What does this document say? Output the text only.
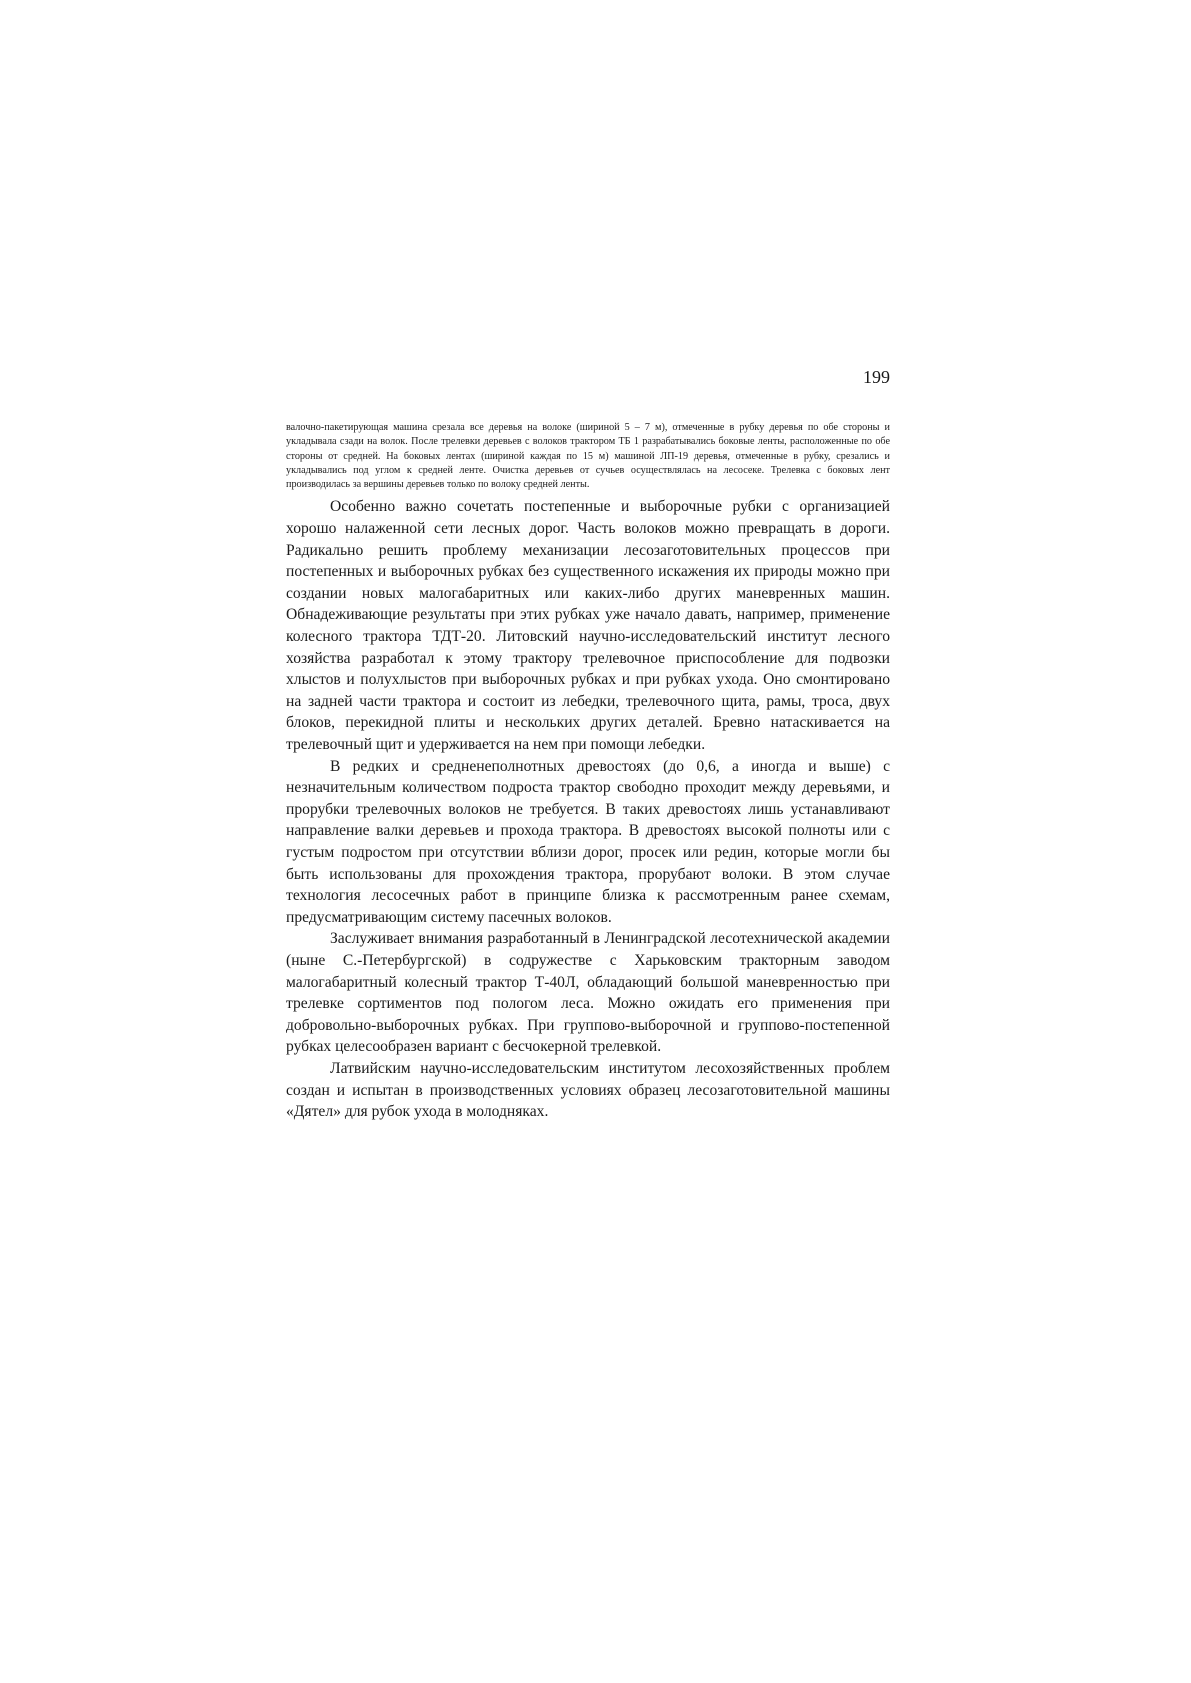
199

валочно-пакетирующая машина срезала все деревья на волоке (шириной 5 – 7 м), отмеченные в рубку деревья по обе стороны и укладывала сзади на волок. После трелевки деревьев с волоков трактором ТБ 1 разрабатывались боковые ленты, расположенные по обе стороны от средней. На боковых лентах (шириной каждая по 15 м) машиной ЛП-19 деревья, отмеченные в рубку, срезались и укладывались под углом к средней ленте. Очистка деревьев от сучьев осуществлялась на лесосеке. Трелевка с боковых лент производилась за вершины деревьев только по волоку средней ленты.

Особенно важно сочетать постепенные и выборочные рубки с организацией хорошо налаженной сети лесных дорог. Часть волоков можно превращать в дороги. Радикально решить проблему механизации лесозаготовительных процессов при постепенных и выборочных рубках без существенного искажения их природы можно при создании новых малогабаритных или каких-либо других маневренных машин. Обнадеживающие результаты при этих рубках уже начало давать, например, применение колесного трактора ТДТ-20. Литовский научно-исследовательский институт лесного хозяйства разработал к этому трактору трелевочное приспособление для подвозки хлыстов и полухлыстов при выборочных рубках и при рубках ухода. Оно смонтировано на задней части трактора и состоит из лебедки, трелевочного щита, рамы, троса, двух блоков, перекидной плиты и нескольких других деталей. Бревно натаскивается на трелевочный щит и удерживается на нем при помощи лебедки.

В редких и средненеполнотных древостоях (до 0,6, а иногда и выше) с незначительным количеством подроста трактор свободно проходит между деревьями, и прорубки трелевочных волоков не требуется. В таких древостоях лишь устанавливают направление валки деревьев и прохода трактора. В древостоях высокой полноты или с густым подростом при отсутствии вблизи дорог, просек или редин, которые могли бы быть использованы для прохождения трактора, прорубают волоки. В этом случае технология лесосечных работ в принципе близка к рассмотренным ранее схемам, предусматривающим систему пасечных волоков.

Заслуживает внимания разработанный в Ленинградской лесотехнической академии (ныне С.-Петербургской) в содружестве с Харьковским тракторным заводом малогабаритный колесный трактор Т-40Л, обладающий большой маневренностью при трелевке сортиментов под пологом леса. Можно ожидать его применения при добровольно-выборочных рубках. При группово-выборочной и группово-постепенной рубках целесообразен вариант с бесчокерной трелевкой.

Латвийским научно-исследовательским институтом лесохозяйственных проблем создан и испытан в производственных условиях образец лесозаготовительной машины «Дятел» для рубок ухода в молодняках.
